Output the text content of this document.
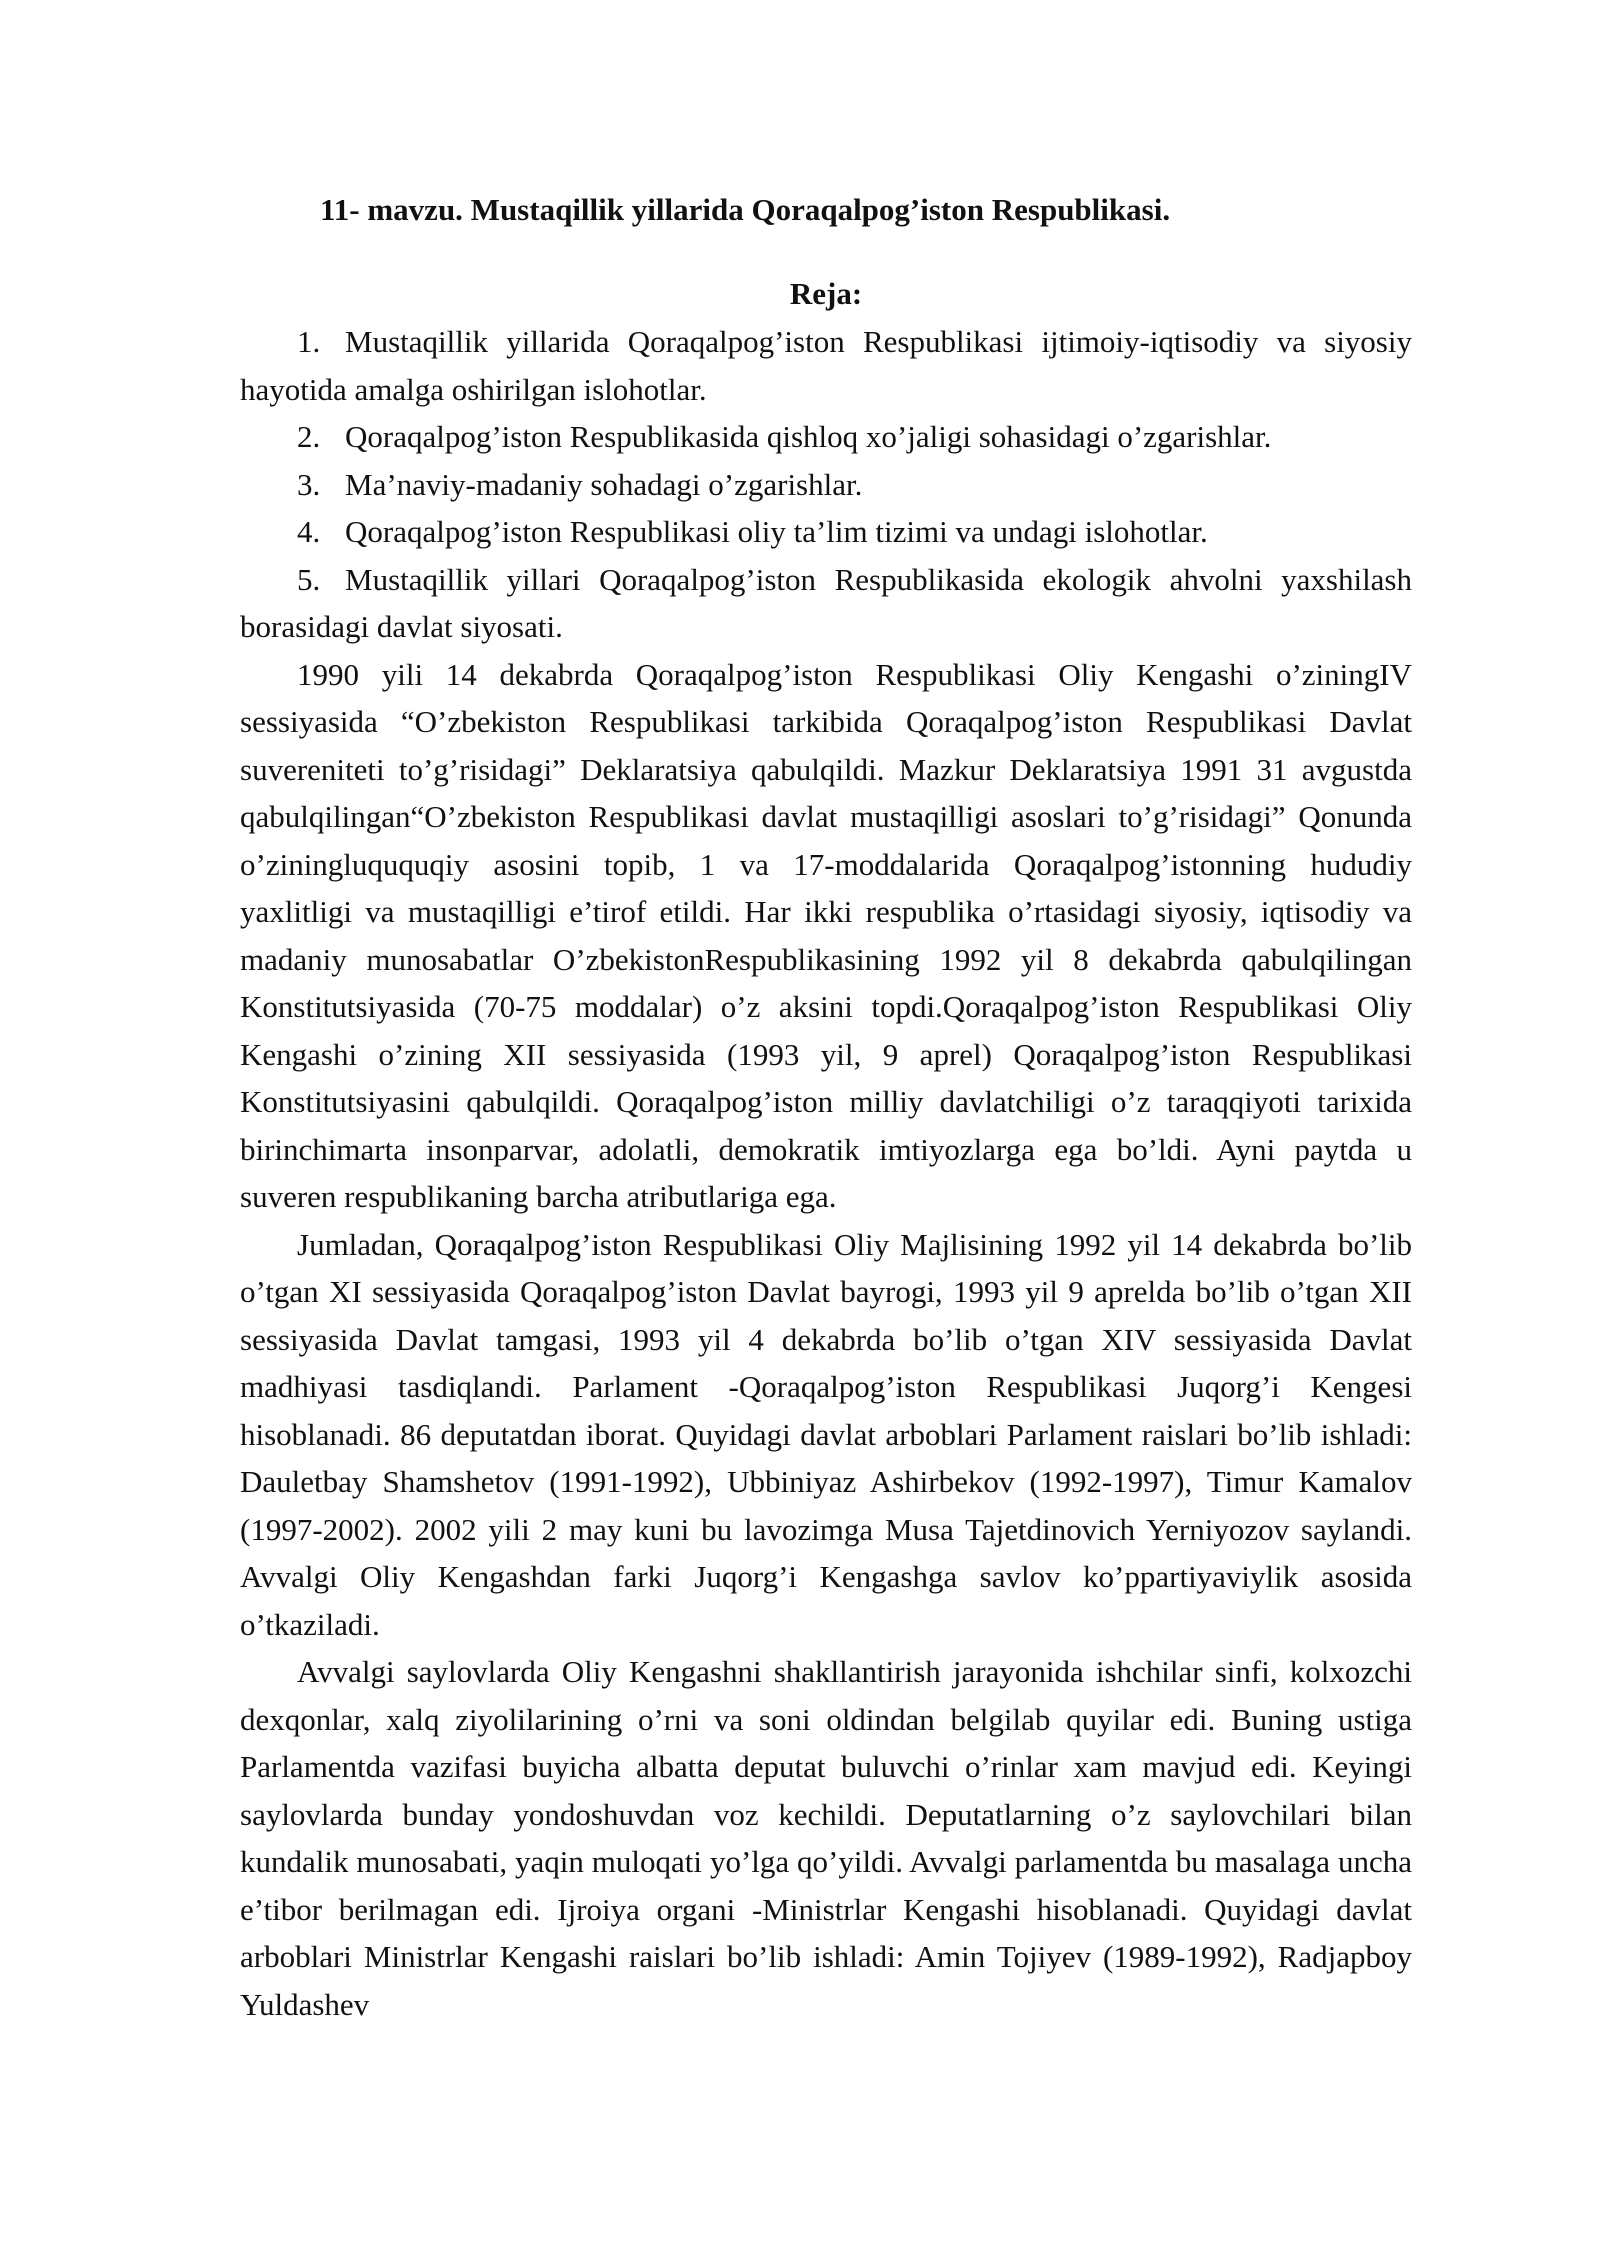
11- mavzu. Mustaqillik yillarida Qoraqalpog’iston Respublikasi.
Reja:
1. Mustaqillik yillarida Qoraqalpog’iston Respublikasi ijtimoiy-iqtisodiy va siyosiy hayotida amalga oshirilgan islohotlar.
2. Qoraqalpog’iston Respublikasida qishloq xo’jaligi sohasidagi o’zgarishlar.
3. Ma’naviy-madaniy sohadagi o’zgarishlar.
4. Qoraqalpog’iston Respublikasi oliy ta’lim tizimi va undagi islohotlar.
5. Mustaqillik yillari Qoraqalpog’iston Respublikasida ekologik ahvolni yaxshilash borasidagi davlat siyosati.

1990 yili 14 dekabrda Qoraqalpog’iston Respublikasi Oliy Kengashi o’ziningIV sessiyasida “O’zbekiston Respublikasi tarkibida Qoraqalpog’iston Respublikasi Davlat suvereniteti to’g’risidagi” Deklaratsiya qabulqildi. Mazkur Deklaratsiya 1991 31 avgustda qabulqilingan“O’zbekiston Respublikasi davlat mustaqilligi asoslari to’g’risidagi” Qonunda o’ziningluququqiy asosini topib, 1 va 17-moddalarida Qoraqalpog’istonning hududiy yaxlitligi va mustaqilligi e’tirof etildi. Har ikki respublika o’rtasidagi siyosiy, iqtisodiy va madaniy munosabatlar O’zbekistonRespublikasining 1992 yil 8 dekabrda qabulqilingan Konstitutsiyasida (70-75 moddalar) o’z aksini topdi.Qoraqalpog’iston Respublikasi Oliy Kengashi o’zining XII sessiyasida (1993 yil, 9 aprel) Qoraqalpog’iston Respublikasi Konstitutsiyasini qabulqildi. Qoraqalpog’iston milliy davlatchiligi o’z taraqqiyoti tarixida birinchimarta insonparvar, adolatli, demokratik imtiyozlarga ega bo’ldi. Ayni paytda u suveren respublikaning barcha atributlariga ega.

Jumladan, Qoraqalpog’iston Respublikasi Oliy Majlisining 1992 yil 14 dekabrda bo’lib o’tgan XI sessiyasida Qoraqalpog’iston Davlat bayrogi, 1993 yil 9 aprelda bo’lib o’tgan XII sessiyasida Davlat tamgasi, 1993 yil 4 dekabrda bo’lib o’tgan XIV sessiyasida Davlat madhiyasi tasdiqlandi. Parlament -Qoraqalpog’iston Respublikasi Juqorg’i Kengesi hisoblanadi. 86 deputatdan iborat. Quyidagi davlat arboblari Parlament raislari bo’lib ishladi: Dauletbay Shamshetov (1991-1992), Ubbiniyaz Ashirbekov (1992-1997), Timur Kamalov (1997-2002). 2002 yili 2 may kuni bu lavozimga Musa Tajetdinovich Yerniyozov saylandi. Avvalgi Oliy Kengashdan farki Juqorg’i Kengashga savlov ko’ppartiyaviylik asosida o’tkaziladi.

Avvalgi saylovlarda Oliy Kengashni shakllantirish jarayonida ishchilar sinfi, kolxozchi dexqonlar, xalq ziyolilarining o’rni va soni oldindan belgilab quyilar edi. Buning ustiga Parlamentda vazifasi buyicha albatta deputat buluvchi o’rinlar xam mavjud edi. Keyingi saylovlarda bunday yondoshuvdan voz kechildi. Deputatlarning o’z saylovchilari bilan kundalik munosabati, yaqin muloqati yo’lga qo’yildi. Avvalgi parlamentda bu masalaga uncha e’tibor berilmagan edi. Ijroiya organi -Ministrlar Kengashi hisoblanadi. Quyidagi davlat arboblari Ministrlar Kengashi raislari bo’lib ishladi: Amin Tojiyev (1989-1992), Radjapboy Yuldashev
